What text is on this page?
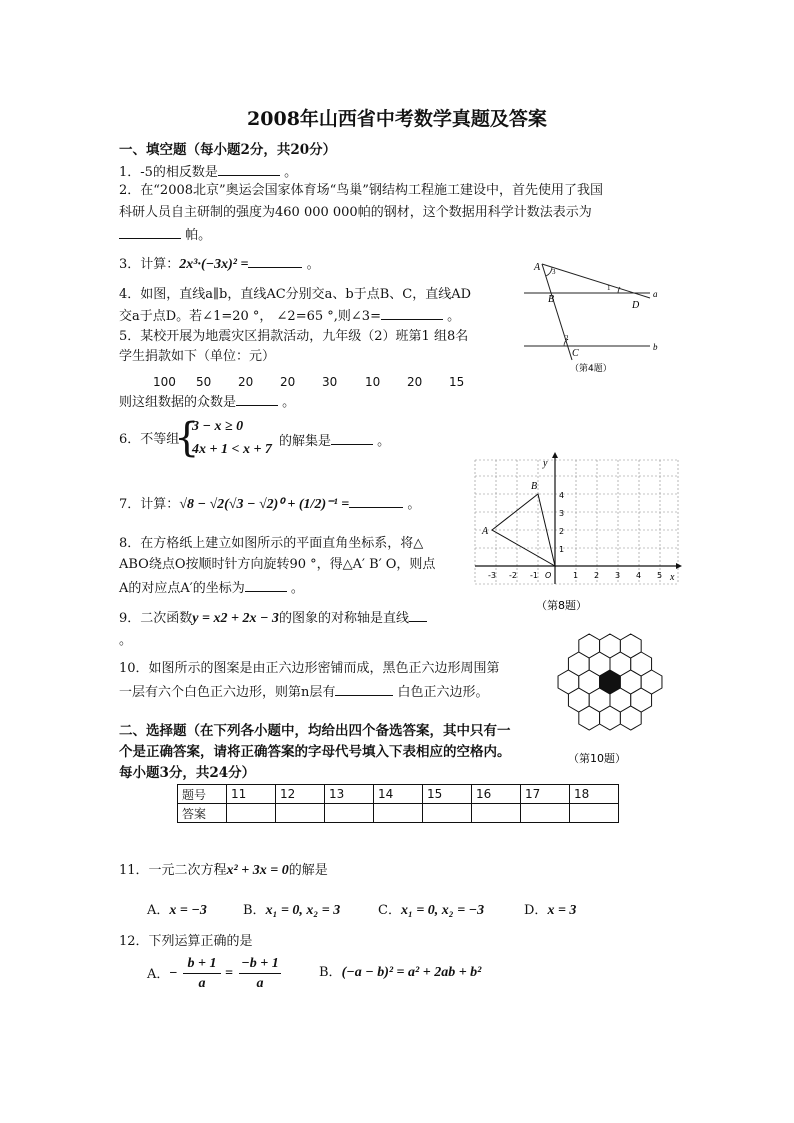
2008年山西省中考数学真题及答案
一、填空题（每小题2分，共20分）
1．-5的相反数是	。
2．在“2008北京”奥运会国家体育场“鸟巢”钢结构工程施工建设中，首先使用了我国
科研人员自主研制的强度为460 000 000帕的钢材，这个数据用科学计数法表示为
帕。
3．计算：2x³·(−3x)² =	。
4．如图，直线a∥b，直线AC分别交a、b于点B、C，直线AD
交a于点D。若∠1=20 °， ∠2=65 °,则∠3=	。
5．某校开展为地震灾区捐款活动，九年级（2）班第1 组8名
学生捐款如下（单位：元）
100 50 20 20 30 10 20 15
则这组数据的众数是	。
6．不等组
{
3 − x ≥ 0
4x + 1 < x + 7
的解集是	。
7．计算：√8 − √2(√3 − √2)⁰ + (1/2)⁻¹ =	。
8．在方格纸上建立如图所示的平面直角坐标系，将△
ABO绕点O按顺时针方向旋转90 °，得△A′ B′ O，则点
A的对应点A′的坐标为	。
9．二次函数y = x2 + 2x − 3的图象的对称轴是直线
。
10．如图所示的图案是由正六边形密铺而成，黑色正六边形周围第
一层有六个白色正六边形，则第n层有	白色正六边形。
二、选择题（在下列各小题中，均给出四个备选答案，其中只有一
个是正确答案，请将正确答案的字母代号填入下表相应的空格内。
每小题3分，共24分）
题号	11	12	13	14	15	16	17	18
答案								
11．一元二次方程x² + 3x = 0的解是
A．x = −3	B．x₁ = 0, x₂ = 3	C．x₁ = 0, x₂ = −3	D．x = 3
12．下列运算正确的是
A． −
b + 1
a
=
−b + 1
a
B．(−a − b)² = a² + 2ab + b²
A 3
B
1
D
a
2
C
b
（第4题）
x
y
A
B
-3 -2 -1 O	1 2 3 4 5
1
2
3
4
（第8题）
（第10题）
